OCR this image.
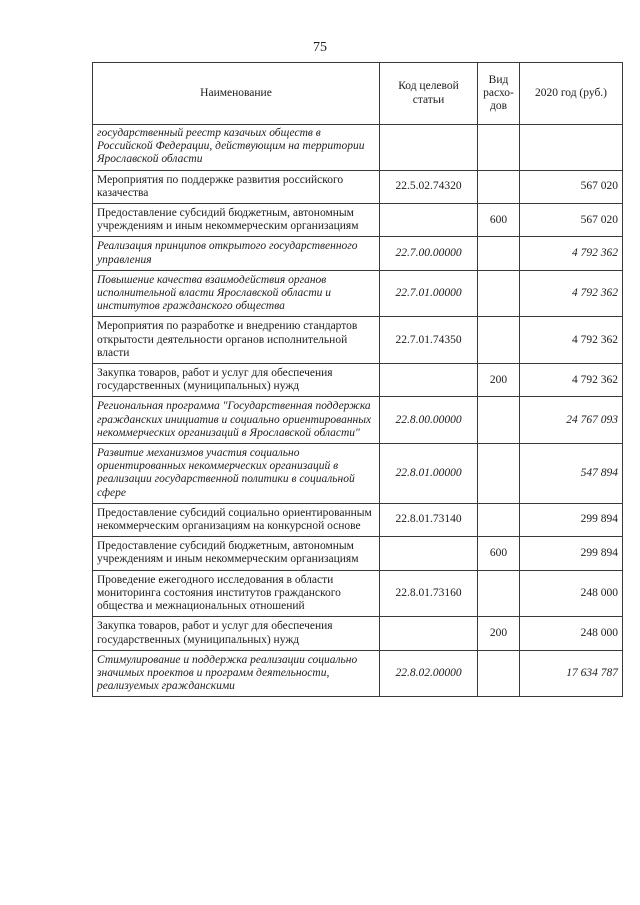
75
Наименование	Код целевой статьи	Вид расхо-дов	2020 год (руб.)
государственный реестр казачьих обществ в Российской Федерации, действующим на территории Ярославской области			
Мероприятия по поддержке развития российского казачества	22.5.02.74320		567 020
Предоставление субсидий бюджетным, автономным учреждениям и иным некоммерческим организациям		600	567 020
Реализация принципов открытого государственного управления	22.7.00.00000		4 792 362
Повышение качества взаимодействия органов исполнительной власти Ярославской области и институтов гражданского общества	22.7.01.00000		4 792 362
Мероприятия по разработке и внедрению стандартов открытости деятельности органов исполнительной власти	22.7.01.74350		4 792 362
Закупка товаров, работ и услуг для обеспечения государственных (муниципальных) нужд		200	4 792 362
Региональная программа "Государственная поддержка гражданских инициатив и социально ориентированных некоммерческих организаций в Ярославской области"	22.8.00.00000		24 767 093
Развитие механизмов участия социально ориентированных некоммерческих организаций в реализации государственной политики в социальной сфере	22.8.01.00000		547 894
Предоставление субсидий социально ориентированным некоммерческим организациям на конкурсной основе	22.8.01.73140		299 894
Предоставление субсидий бюджетным, автономным учреждениям и иным некоммерческим организациям		600	299 894
Проведение ежегодного исследования в области мониторинга состояния институтов гражданского общества и межнациональных отношений	22.8.01.73160		248 000
Закупка товаров, работ и услуг для обеспечения государственных (муниципальных) нужд		200	248 000
Стимулирование и поддержка реализации социально значимых проектов и программ деятельности, реализуемых гражданскими	22.8.02.00000		17 634 787
